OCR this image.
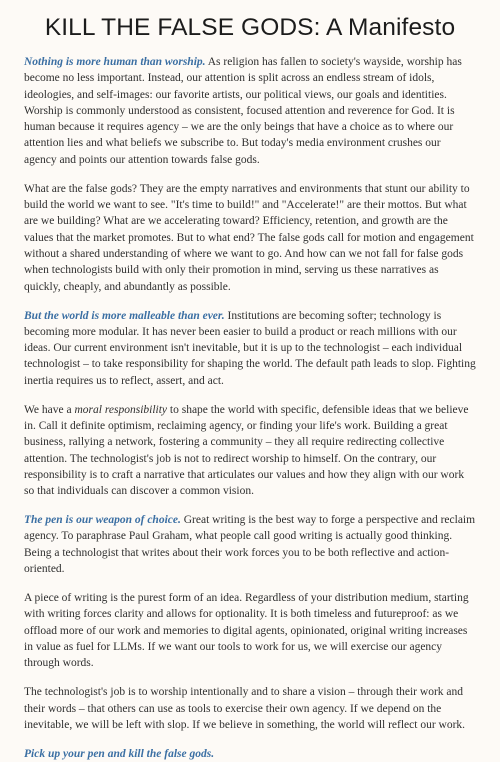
KILL THE FALSE GODS: A Manifesto

Nothing is more human than worship. As religion has fallen to society's wayside, worship has become no less important. Instead, our attention is split across an endless stream of idols, ideologies, and self-images: our favorite artists, our political views, our goals and identities. Worship is commonly understood as consistent, focused attention and reverence for God. It is human because it requires agency – we are the only beings that have a choice as to where our attention lies and what beliefs we subscribe to. But today's media environment crushes our agency and points our attention towards false gods.

What are the false gods? They are the empty narratives and environments that stunt our ability to build the world we want to see. "It's time to build!" and "Accelerate!" are their mottos. But what are we building? What are we accelerating toward? Efficiency, retention, and growth are the values that the market promotes. But to what end? The false gods call for motion and engagement without a shared understanding of where we want to go. And how can we not fall for false gods when technologists build with only their promotion in mind, serving us these narratives as quickly, cheaply, and abundantly as possible.

But the world is more malleable than ever. Institutions are becoming softer; technology is becoming more modular. It has never been easier to build a product or reach millions with our ideas. Our current environment isn't inevitable, but it is up to the technologist – each individual technologist – to take responsibility for shaping the world. The default path leads to slop. Fighting inertia requires us to reflect, assert, and act.

We have a moral responsibility to shape the world with specific, defensible ideas that we believe in. Call it definite optimism, reclaiming agency, or finding your life's work. Building a great business, rallying a network, fostering a community – they all require redirecting collective attention. The technologist's job is not to redirect worship to himself. On the contrary, our responsibility is to craft a narrative that articulates our values and how they align with our work so that individuals can discover a common vision.

The pen is our weapon of choice. Great writing is the best way to forge a perspective and reclaim agency. To paraphrase Paul Graham, what people call good writing is actually good thinking. Being a technologist that writes about their work forces you to be both reflective and action-oriented.

A piece of writing is the purest form of an idea. Regardless of your distribution medium, starting with writing forces clarity and allows for optionality. It is both timeless and futureproof: as we offload more of our work and memories to digital agents, opinionated, original writing increases in value as fuel for LLMs. If we want our tools to work for us, we will exercise our agency through words.

The technologist's job is to worship intentionally and to share a vision – through their work and their words – that others can use as tools to exercise their own agency. If we depend on the inevitable, we will be left with slop. If we believe in something, the world will reflect our work.

Pick up your pen and kill the false gods.
